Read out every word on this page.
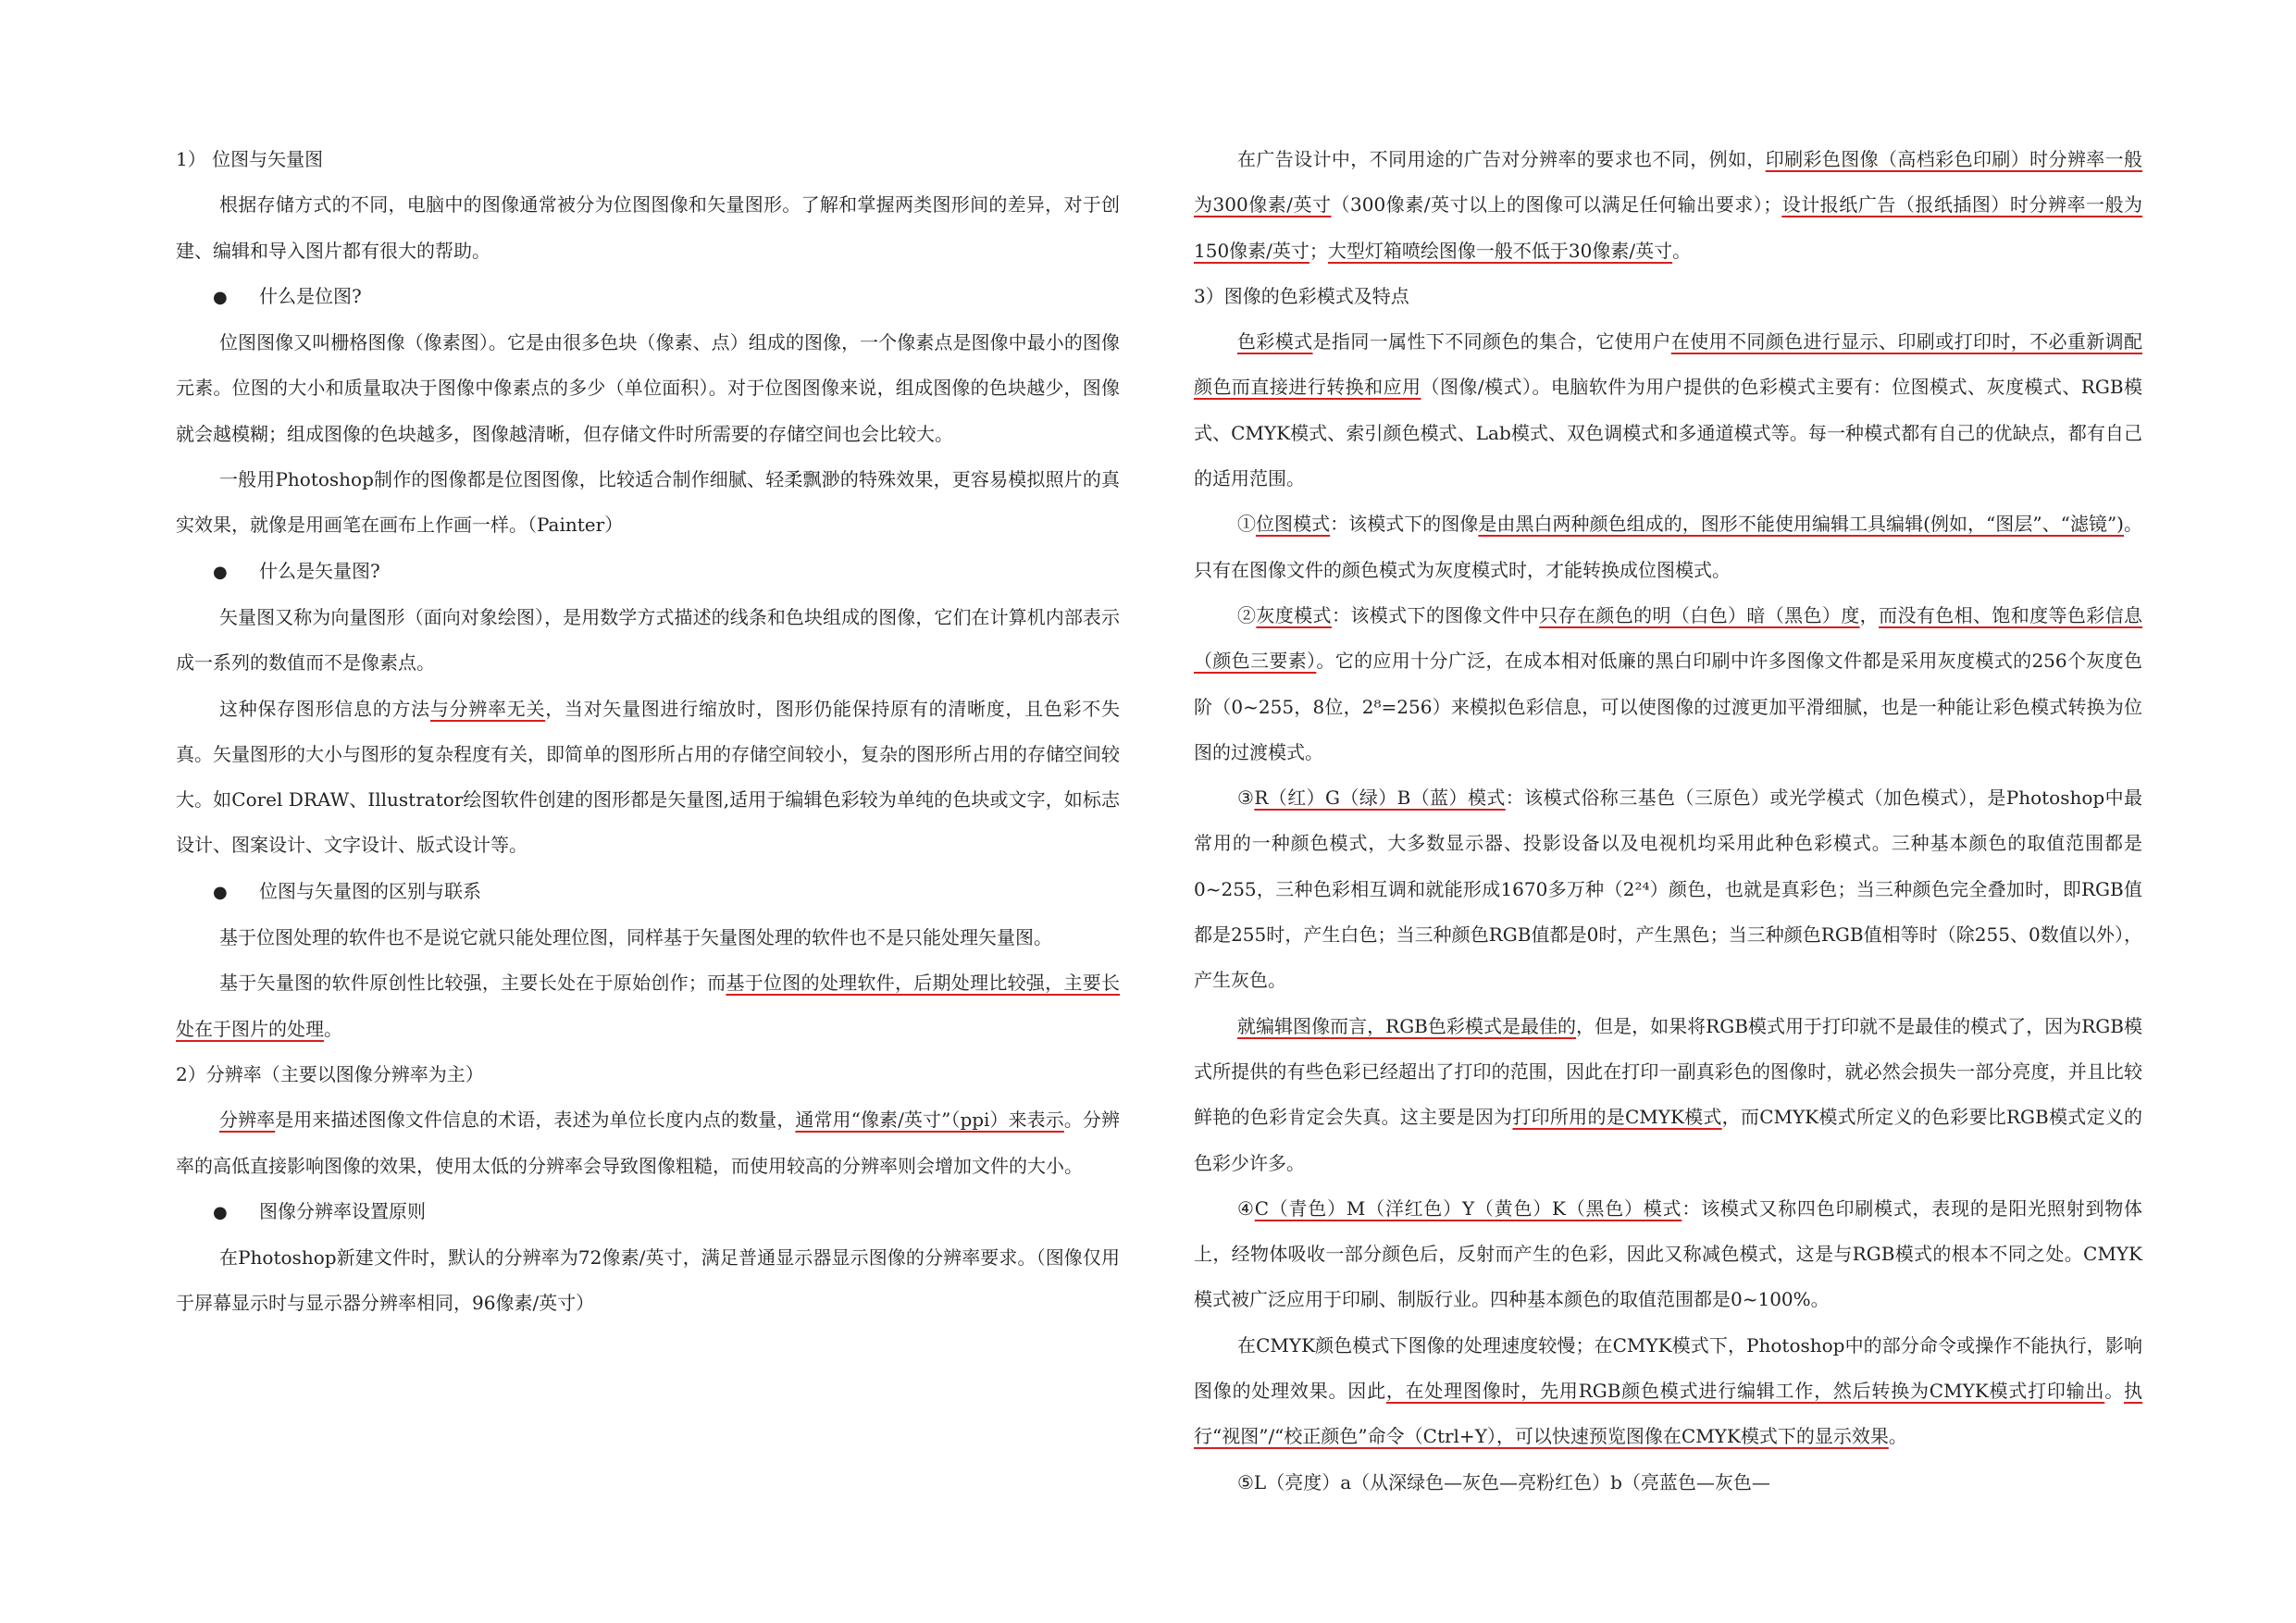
1） 位图与矢量图

根据存储方式的不同，电脑中的图像通常被分为位图图像和矢量图形。了解和掌握两类图形间的差异，对于创建、编辑和导入图片都有很大的帮助。

● 什么是位图?

位图图像又叫栅格图像（像素图）。它是由很多色块（像素、点）组成的图像，一个像素点是图像中最小的图像元素。位图的大小和质量取决于图像中像素点的多少（单位面积）。对于位图图像来说，组成图像的色块越少，图像就会越模糊；组成图像的色块越多，图像越清晰，但存储文件时所需要的存储空间也会比较大。

一般用Photoshop制作的图像都是位图图像，比较适合制作细腻、轻柔飘渺的特殊效果，更容易模拟照片的真实效果，就像是用画笔在画布上作画一样。（Painter）

● 什么是矢量图?

矢量图又称为向量图形（面向对象绘图），是用数学方式描述的线条和色块组成的图像，它们在计算机内部表示成一系列的数值而不是像素点。

这种保存图形信息的方法与分辨率无关，当对矢量图进行缩放时，图形仍能保持原有的清晰度，且色彩不失真。矢量图形的大小与图形的复杂程度有关，即简单的图形所占用的存储空间较小，复杂的图形所占用的存储空间较大。如Corel DRAW、Illustrator绘图软件创建的图形都是矢量图,适用于编辑色彩较为单纯的色块或文字，如标志设计、图案设计、文字设计、版式设计等。

● 位图与矢量图的区别与联系

基于位图处理的软件也不是说它就只能处理位图，同样基于矢量图处理的软件也不是只能处理矢量图。

基于矢量图的软件原创性比较强，主要长处在于原始创作；而基于位图的处理软件，后期处理比较强，主要长处在于图片的处理。

2）分辨率（主要以图像分辨率为主）

分辨率是用来描述图像文件信息的术语，表述为单位长度内点的数量，通常用“像素/英寸”（ppi）来表示。分辨率的高低直接影响图像的效果，使用太低的分辨率会导致图像粗糙，而使用较高的分辨率则会增加文件的大小。

● 图像分辨率设置原则

在Photoshop新建文件时，默认的分辨率为72像素/英寸，满足普通显示器显示图像的分辨率要求。（图像仅用于屏幕显示时与显示器分辨率相同，96像素/英寸）

在广告设计中，不同用途的广告对分辨率的要求也不同，例如，印刷彩色图像（高档彩色印刷）时分辨率一般为300像素/英寸（300像素/英寸以上的图像可以满足任何输出要求）；设计报纸广告（报纸插图）时分辨率一般为150像素/英寸；大型灯箱喷绘图像一般不低于30像素/英寸。

3）图像的色彩模式及特点

色彩模式是指同一属性下不同颜色的集合，它使用户在使用不同颜色进行显示、印刷或打印时，不必重新调配颜色而直接进行转换和应用（图像/模式）。电脑软件为用户提供的色彩模式主要有：位图模式、灰度模式、RGB模式、CMYK模式、索引颜色模式、Lab模式、双色调模式和多通道模式等。每一种模式都有自己的优缺点，都有自己的适用范围。

①位图模式：该模式下的图像是由黑白两种颜色组成的，图形不能使用编辑工具编辑(例如，“图层”、“滤镜”)。只有在图像文件的颜色模式为灰度模式时，才能转换成位图模式。

②灰度模式：该模式下的图像文件中只存在颜色的明（白色）暗（黑色）度，而没有色相、饱和度等色彩信息（颜色三要素）。它的应用十分广泛，在成本相对低廉的黑白印刷中许多图像文件都是采用灰度模式的256个灰度色阶（0~255，8位，2⁸=256）来模拟色彩信息，可以使图像的过渡更加平滑细腻，也是一种能让彩色模式转换为位图的过渡模式。

③R（红）G（绿）B（蓝）模式：该模式俗称三基色（三原色）或光学模式（加色模式），是Photoshop中最常用的一种颜色模式，大多数显示器、投影设备以及电视机均采用此种色彩模式。三种基本颜色的取值范围都是0~255，三种色彩相互调和就能形成1670多万种（2²⁴）颜色，也就是真彩色；当三种颜色完全叠加时，即RGB值都是255时，产生白色；当三种颜色RGB值都是0时，产生黑色；当三种颜色RGB值相等时（除255、0数值以外），产生灰色。

就编辑图像而言，RGB色彩模式是最佳的，但是，如果将RGB模式用于打印就不是最佳的模式了，因为RGB模式所提供的有些色彩已经超出了打印的范围，因此在打印一副真彩色的图像时，就必然会损失一部分亮度，并且比较鲜艳的色彩肯定会失真。这主要是因为打印所用的是CMYK模式，而CMYK模式所定义的色彩要比RGB模式定义的色彩少许多。

④C（青色）M（洋红色）Y（黄色）K（黑色）模式：该模式又称四色印刷模式，表现的是阳光照射到物体上，经物体吸收一部分颜色后，反射而产生的色彩，因此又称减色模式，这是与RGB模式的根本不同之处。CMYK模式被广泛应用于印刷、制版行业。四种基本颜色的取值范围都是0~100%。

在CMYK颜色模式下图像的处理速度较慢；在CMYK模式下，Photoshop中的部分命令或操作不能执行，影响图像的处理效果。因此，在处理图像时，先用RGB颜色模式进行编辑工作，然后转换为CMYK模式打印输出。执行“视图”/“校正颜色”命令（Ctrl+Y），可以快速预览图像在CMYK模式下的显示效果。

⑤L（亮度）a（从深绿色—灰色—亮粉红色）b（亮蓝色—灰色—
